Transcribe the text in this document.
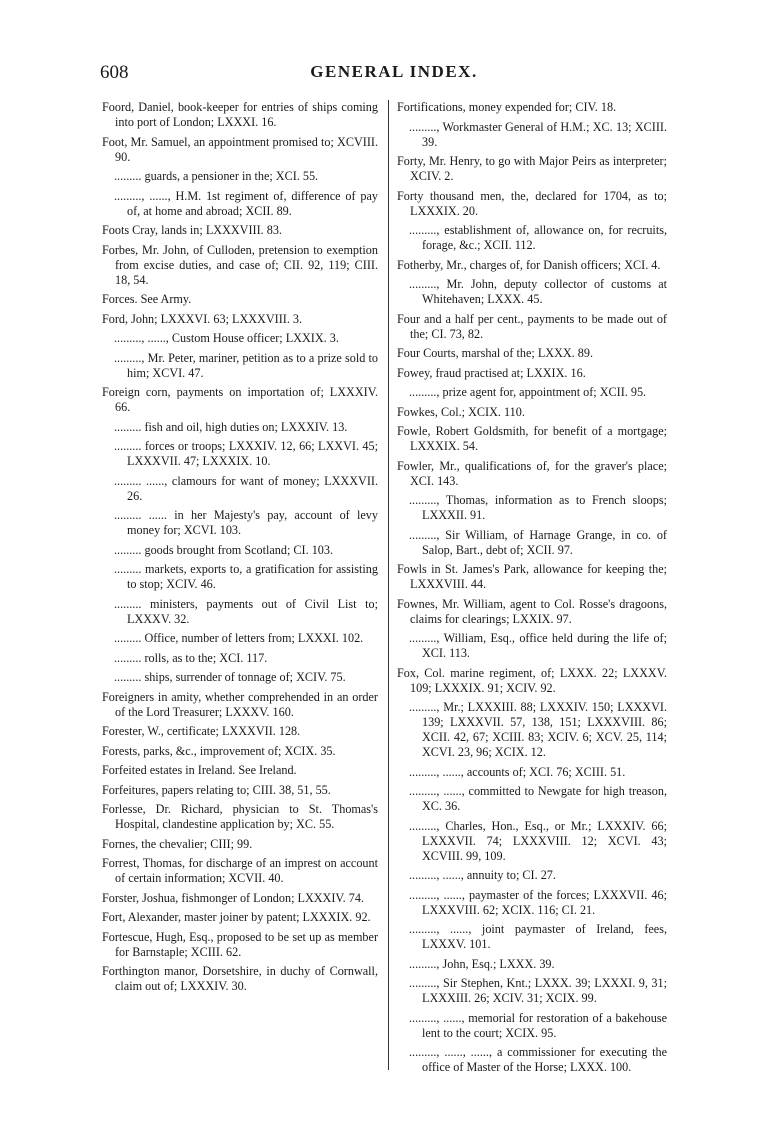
608	GENERAL INDEX.
Foord, Daniel, book-keeper for entries of ships coming into port of London; LXXXI. 16.
Foot, Mr. Samuel, an appointment promised to; XCVIII. 90.
......... guards, a pensioner in the; XCI. 55.
........., ......, H.M. 1st regiment of, difference of pay of, at home and abroad; XCII. 89.
Foots Cray, lands in; LXXXVIII. 83.
Forbes, Mr. John, of Culloden, pretension to exemption from excise duties, and case of; CII. 92, 119; CIII. 18, 54.
Forces. See Army.
Ford, John; LXXXVI. 63; LXXXVIII. 3.
........., ......, Custom House officer; LXXIX. 3.
........., Mr. Peter, mariner, petition as to a prize sold to him; XCVI. 47.
Foreign corn, payments on importation of; LXXXIV. 66.
......... fish and oil, high duties on; LXXXIV. 13.
......... forces or troops; LXXXIV. 12, 66; LXXVI. 45; LXXXVII. 47; LXXXIX. 10.
......... ......, clamours for want of money; LXXXVII. 26.
......... ...... in her Majesty's pay, account of levy money for; XCVI. 103.
......... goods brought from Scotland; CI. 103.
......... markets, exports to, a gratification for assisting to stop; XCIV. 46.
......... ministers, payments out of Civil List to; LXXXV. 32.
......... Office, number of letters from; LXXXI. 102.
......... rolls, as to the; XCI. 117.
......... ships, surrender of tonnage of; XCIV. 75.
Foreigners in amity, whether comprehended in an order of the Lord Treasurer; LXXXV. 160.
Forester, W., certificate; LXXXVII. 128.
Forests, parks, &c., improvement of; XCIX. 35.
Forfeited estates in Ireland. See Ireland.
Forfeitures, papers relating to; CIII. 38, 51, 55.
Forlesse, Dr. Richard, physician to St. Thomas's Hospital, clandestine application by; XC. 55.
Fornes, the chevalier; CIII; 99.
Forrest, Thomas, for discharge of an imprest on account of certain information; XCVII. 40.
Forster, Joshua, fishmonger of London; LXXXIV. 74.
Fort, Alexander, master joiner by patent; LXXXIX. 92.
Fortescue, Hugh, Esq., proposed to be set up as member for Barnstaple; XCIII. 62.
Forthington manor, Dorsetshire, in duchy of Cornwall, claim out of; LXXXIV. 30.
Fortifications, money expended for; CIV. 18.
........., Workmaster General of H.M.; XC. 13; XCIII. 39.
Forty, Mr. Henry, to go with Major Peirs as interpreter; XCIV. 2.
Forty thousand men, the, declared for 1704, as to; LXXXIX. 20.
........., establishment of, allowance on, for recruits, forage, &c.; XCII. 112.
Fotherby, Mr., charges of, for Danish officers; XCI. 4.
........., Mr. John, deputy collector of customs at Whitehaven; LXXX. 45.
Four and a half per cent., payments to be made out of the; CI. 73, 82.
Four Courts, marshal of the; LXXX. 89.
Fowey, fraud practised at; LXXIX. 16.
........., prize agent for, appointment of; XCII. 95.
Fowkes, Col.; XCIX. 110.
Fowle, Robert Goldsmith, for benefit of a mortgage; LXXXIX. 54.
Fowler, Mr., qualifications of, for the graver's place; XCI. 143.
........., Thomas, information as to French sloops; LXXXII. 91.
........., Sir William, of Harnage Grange, in co. of Salop, Bart., debt of; XCII. 97.
Fowls in St. James's Park, allowance for keeping the; LXXXVIII. 44.
Fownes, Mr. William, agent to Col. Rosse's dragoons, claims for clearings; LXXIX. 97.
........., William, Esq., office held during the life of; XCI. 113.
Fox, Col. marine regiment, of; LXXX. 22; LXXXV. 109; LXXXIX. 91; XCIV. 92.
........., Mr.; LXXXIII. 88; LXXXIV. 150; LXXXVI. 139; LXXXVII. 57, 138, 151; LXXXVIII. 86; XCII. 42, 67; XCIII. 83; XCIV. 6; XCV. 25, 114; XCVI. 23, 96; XCIX. 12.
........., ......, accounts of; XCI. 76; XCIII. 51.
........., ......, committed to Newgate for high treason, XC. 36.
........., Charles, Hon., Esq., or Mr.; LXXXIV. 66; LXXXVII. 74; LXXXVIII. 12; XCVI. 43; XCVIII. 99, 109.
........., ......, annuity to; CI. 27.
........., ......, paymaster of the forces; LXXXVII. 46; LXXXVIII. 62; XCIX. 116; CI. 21.
........., ......, joint paymaster of Ireland, fees, LXXXV. 101.
........., John, Esq.; LXXX. 39.
........., Sir Stephen, Knt.; LXXX. 39; LXXXI. 9, 31; LXXXIII. 26; XCIV. 31; XCIX. 99.
........., ......, memorial for restoration of a bakehouse lent to the court; XCIX. 95.
........., ......, ......, a commissioner for executing the office of Master of the Horse; LXXX. 100.
